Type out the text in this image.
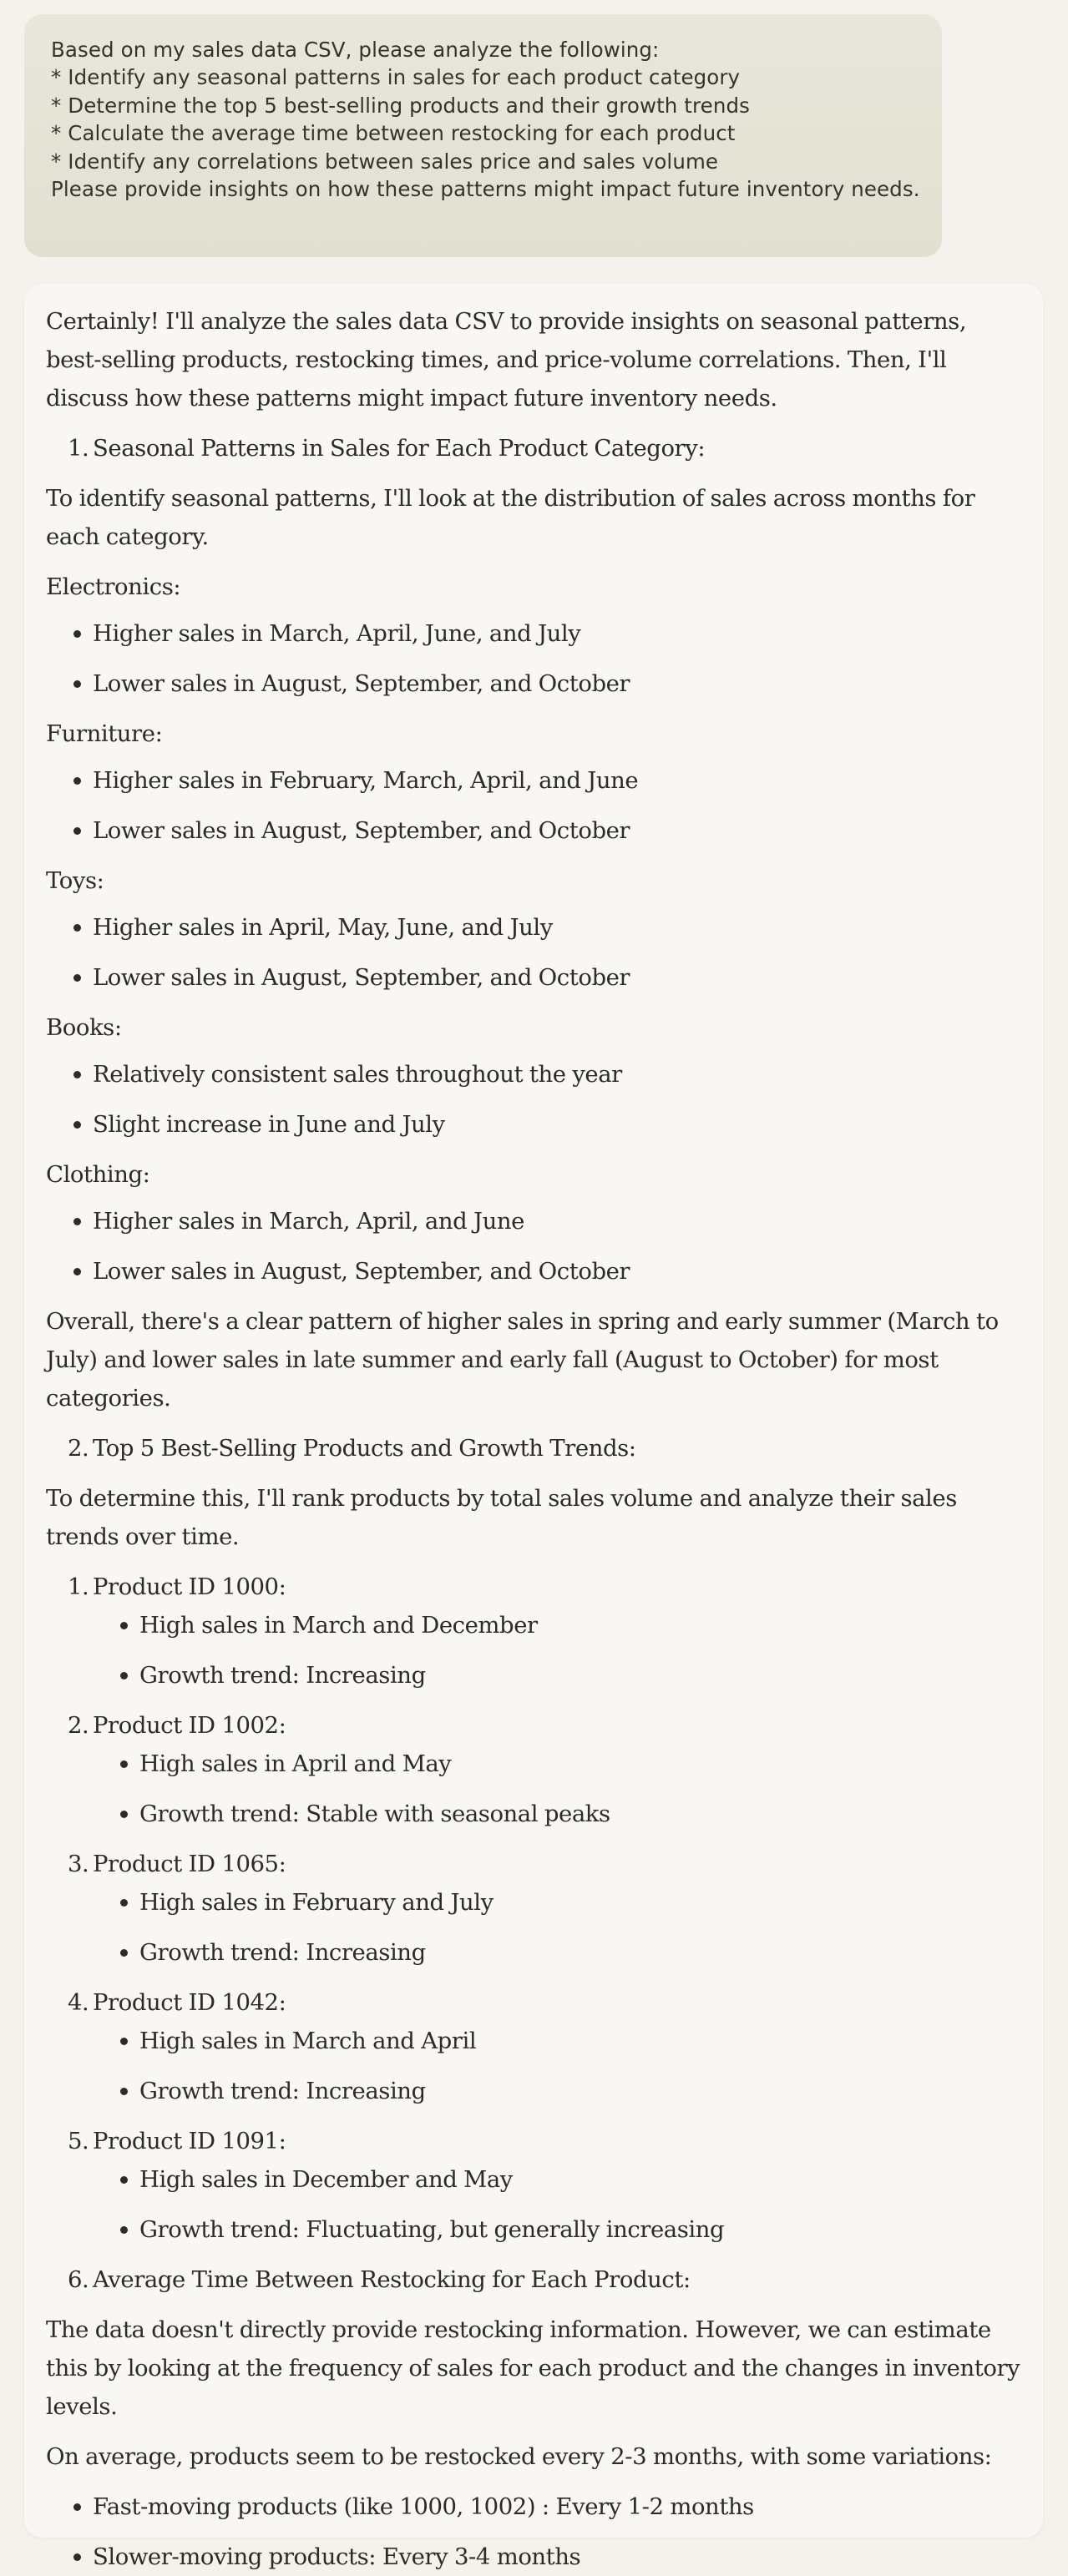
Based on my sales data CSV, please analyze the following:
* Identify any seasonal patterns in sales for each product category
* Determine the top 5 best-selling products and their growth trends
* Calculate the average time between restocking for each product
* Identify any correlations between sales price and sales volume
Please provide insights on how these patterns might impact future inventory needs.

Certainly! I'll analyze the sales data CSV to provide insights on seasonal patterns, best-selling products, restocking times, and price-volume correlations. Then, I'll discuss how these patterns might impact future inventory needs.

1. Seasonal Patterns in Sales for Each Product Category:

To identify seasonal patterns, I'll look at the distribution of sales across months for each category.

Electronics:
Higher sales in March, April, June, and July
Lower sales in August, September, and October
Furniture:
Higher sales in February, March, April, and June
Lower sales in August, September, and October
Toys:
Higher sales in April, May, June, and July
Lower sales in August, September, and October
Books:
Relatively consistent sales throughout the year
Slight increase in June and July
Clothing:
Higher sales in March, April, and June
Lower sales in August, September, and October

Overall, there's a clear pattern of higher sales in spring and early summer (March to July) and lower sales in late summer and early fall (August to October) for most categories.

2. Top 5 Best-Selling Products and Growth Trends:

To determine this, I'll rank products by total sales volume and analyze their sales trends over time.

1. Product ID 1000:
High sales in March and December
Growth trend: Increasing
2. Product ID 1002:
High sales in April and May
Growth trend: Stable with seasonal peaks
3. Product ID 1065:
High sales in February and July
Growth trend: Increasing
4. Product ID 1042:
High sales in March and April
Growth trend: Increasing
5. Product ID 1091:
High sales in December and May
Growth trend: Fluctuating, but generally increasing
6. Average Time Between Restocking for Each Product:

The data doesn't directly provide restocking information. However, we can estimate this by looking at the frequency of sales for each product and the changes in inventory levels.

On average, products seem to be restocked every 2-3 months, with some variations:

Fast-moving products (like 1000, 1002) : Every 1-2 months
Slower-moving products: Every 3-4 months
